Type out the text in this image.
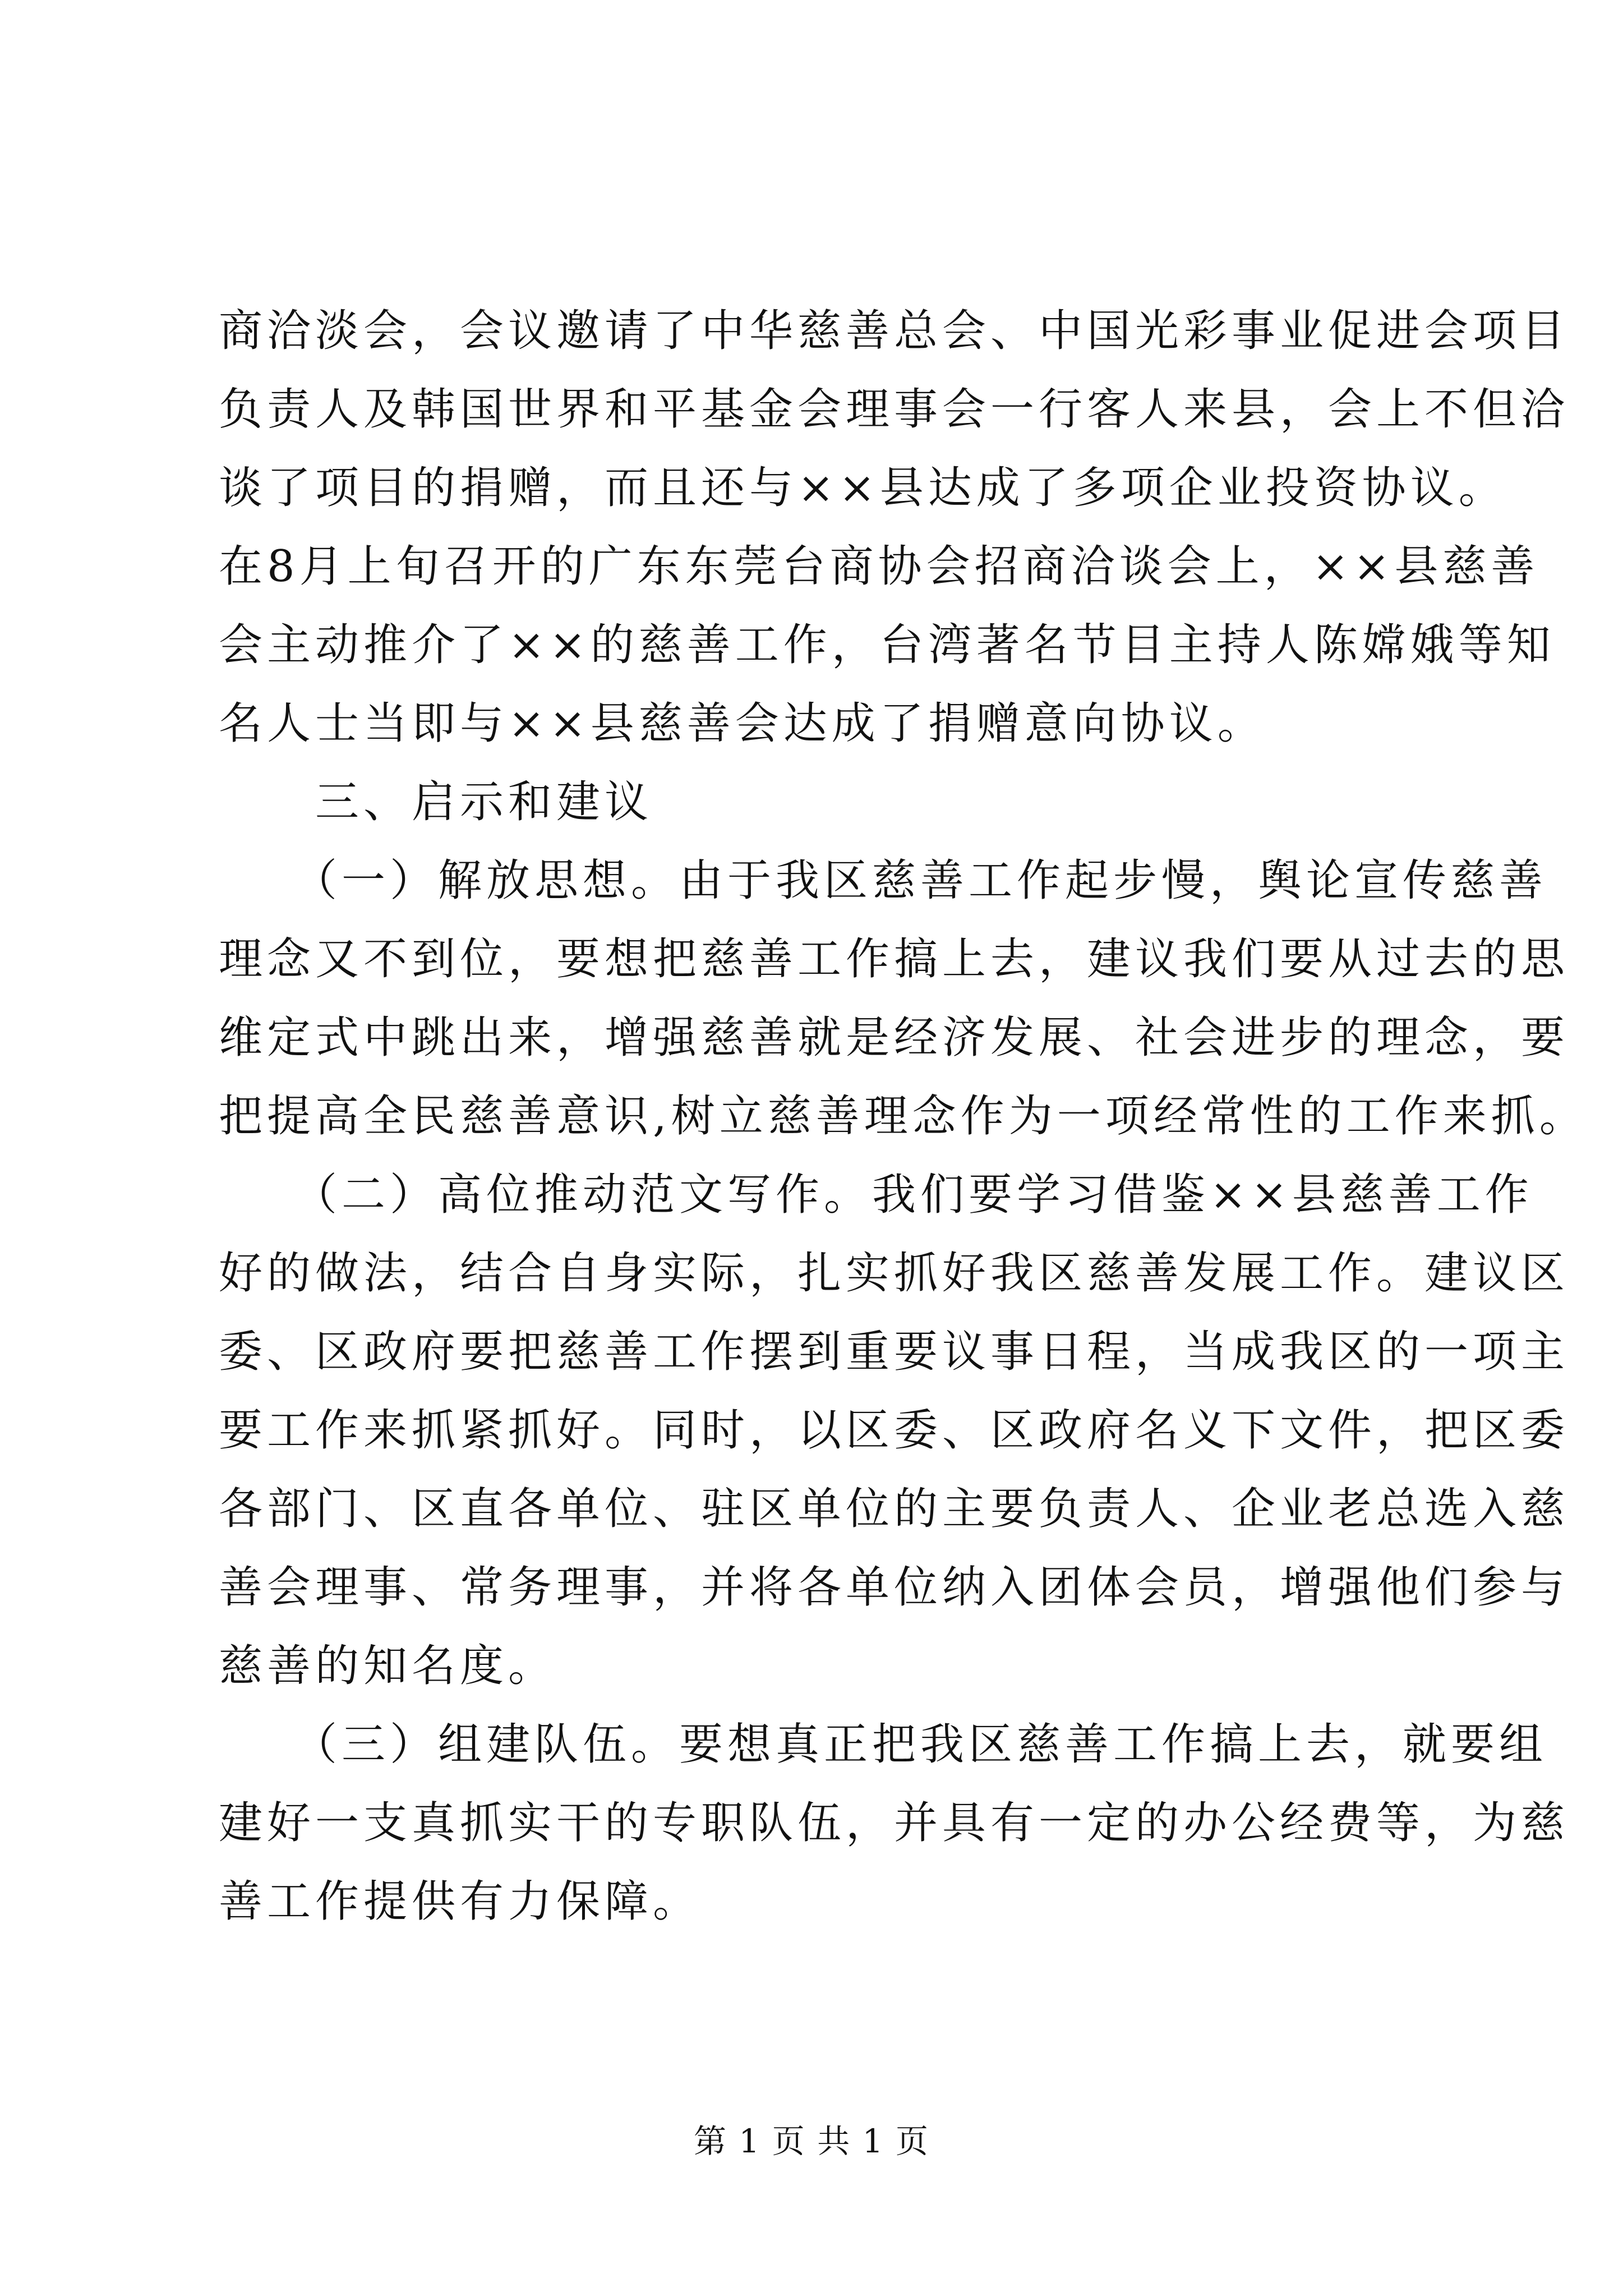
商洽淡会，会议邀请了中华慈善总会、中国光彩事业促进会项目
负责人及韩国世界和平基金会理事会一行客人来县，会上不但洽
谈了项目的捐赠，而且还与××县达成了多项企业投资协议。
在8月上旬召开的广东东莞台商协会招商洽谈会上，××县慈善
会主动推介了××的慈善工作，台湾著名节目主持人陈嫦娥等知
名人士当即与××县慈善会达成了捐赠意向协议。
　　三、启示和建议
　　（一）解放思想。由于我区慈善工作起步慢，舆论宣传慈善
理念又不到位，要想把慈善工作搞上去，建议我们要从过去的思
维定式中跳出来，增强慈善就是经济发展、社会进步的理念，要
把提高全民慈善意识,树立慈善理念作为一项经常性的工作来抓。
　　（二）高位推动范文写作。我们要学习借鉴××县慈善工作
好的做法，结合自身实际，扎实抓好我区慈善发展工作。建议区
委、区政府要把慈善工作摆到重要议事日程，当成我区的一项主
要工作来抓紧抓好。同时，以区委、区政府名义下文件，把区委
各部门、区直各单位、驻区单位的主要负责人、企业老总选入慈
善会理事、常务理事，并将各单位纳入团体会员，增强他们参与
慈善的知名度。
　　（三）组建队伍。要想真正把我区慈善工作搞上去，就要组
建好一支真抓实干的专职队伍，并具有一定的办公经费等，为慈
善工作提供有力保障。
第 1 页 共 1 页
